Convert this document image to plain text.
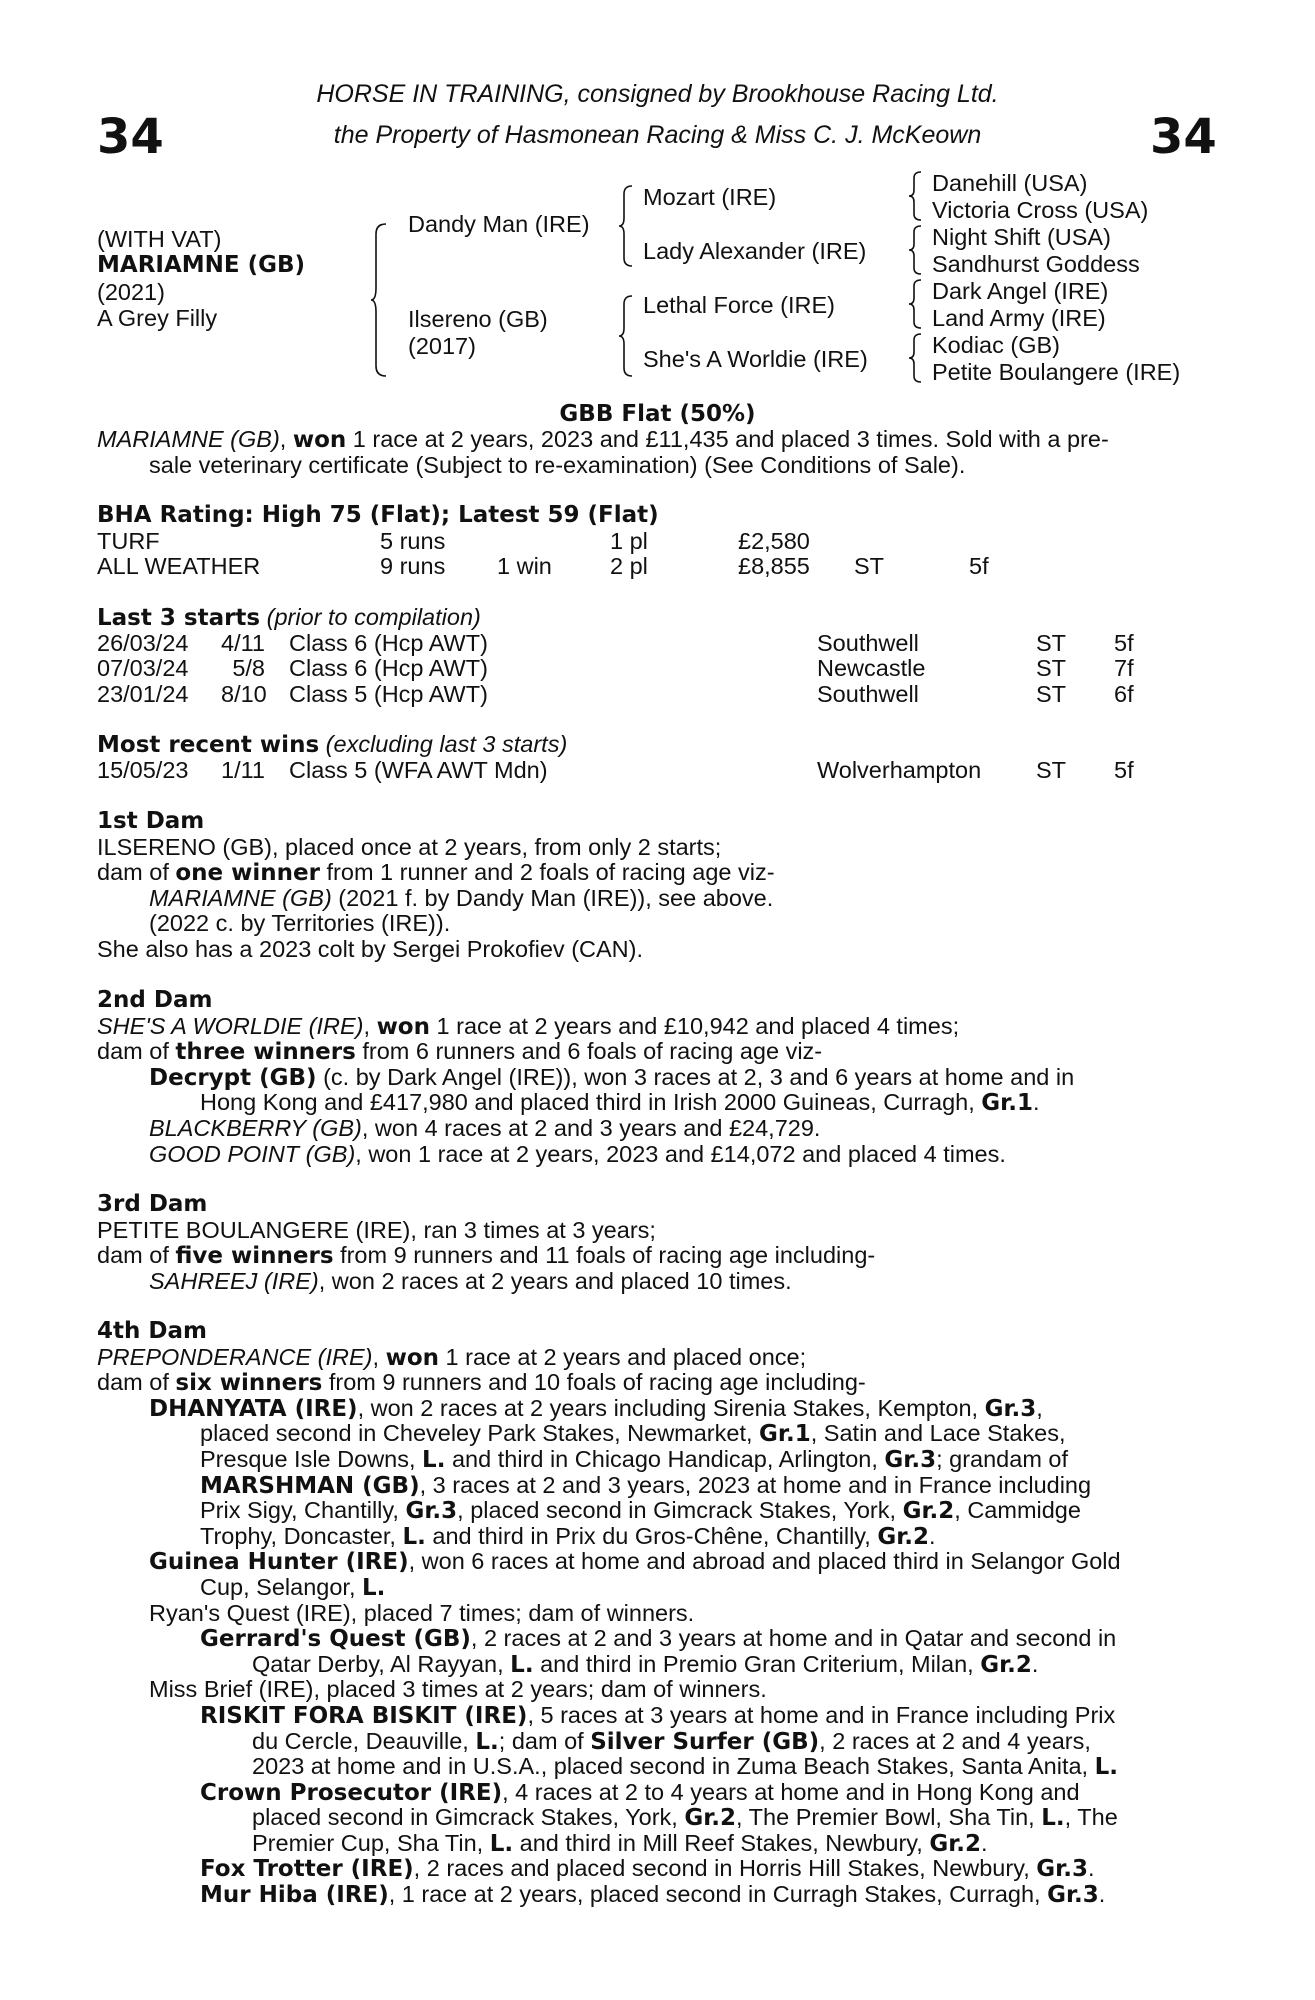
34	34
HORSE IN TRAINING, consigned by Brookhouse Racing Ltd.
the Property of Hasmonean Racing & Miss C. J. McKeown
(WITH VAT)
MARIAMNE (GB)
(2021)
A Grey Filly
Dandy Man (IRE)
Ilsereno (GB)
(2017)
Mozart (IRE)
Lady Alexander (IRE)
Lethal Force (IRE)
She's A Worldie (IRE)
Danehill (USA)
Victoria Cross (USA)
Night Shift (USA)
Sandhurst Goddess
Dark Angel (IRE)
Land Army (IRE)
Kodiac (GB)
Petite Boulangere (IRE)
GBB Flat (50%)
MARIAMNE (GB), won 1 race at 2 years, 2023 and £11,435 and placed 3 times. Sold with a pre-
sale veterinary certificate (Subject to re-examination) (See Conditions of Sale).
BHA Rating: High 75 (Flat); Latest 59 (Flat)
TURF	5 runs	1 pl	£2,580
ALL WEATHER	9 runs 1 win 2 pl	£8,855 ST	5f
Last 3 starts (prior to compilation)
26/03/24 4/11 Class 6 (Hcp AWT)	Southwell	ST 5f
07/03/24	5/8 Class 6 (Hcp AWT)	Newcastle	ST 7f
23/01/24 8/10 Class 5 (Hcp AWT)	Southwell	ST 6f
Most recent wins (excluding last 3 starts)
15/05/23 1/11 Class 5 (WFA AWT Mdn)	Wolverhampton ST 5f
1st Dam
ILSERENO (GB), placed once at 2 years, from only 2 starts;
dam of one winner from 1 runner and 2 foals of racing age viz-
MARIAMNE (GB) (2021 f. by Dandy Man (IRE)), see above.
(2022 c. by Territories (IRE)).
She also has a 2023 colt by Sergei Prokofiev (CAN).
2nd Dam
SHE'S A WORLDIE (IRE), won 1 race at 2 years and £10,942 and placed 4 times;
dam of three winners from 6 runners and 6 foals of racing age viz-
Decrypt (GB) (c. by Dark Angel (IRE)), won 3 races at 2, 3 and 6 years at home and in
Hong Kong and £417,980 and placed third in Irish 2000 Guineas, Curragh, Gr.1.
BLACKBERRY (GB), won 4 races at 2 and 3 years and £24,729.
GOOD POINT (GB), won 1 race at 2 years, 2023 and £14,072 and placed 4 times.
3rd Dam
PETITE BOULANGERE (IRE), ran 3 times at 3 years;
dam of five winners from 9 runners and 11 foals of racing age including-
SAHREEJ (IRE), won 2 races at 2 years and placed 10 times.
4th Dam
PREPONDERANCE (IRE), won 1 race at 2 years and placed once;
dam of six winners from 9 runners and 10 foals of racing age including-
DHANYATA (IRE), won 2 races at 2 years including Sirenia Stakes, Kempton, Gr.3,
placed second in Cheveley Park Stakes, Newmarket, Gr.1, Satin and Lace Stakes,
Presque Isle Downs, L. and third in Chicago Handicap, Arlington, Gr.3; grandam of
MARSHMAN (GB), 3 races at 2 and 3 years, 2023 at home and in France including
Prix Sigy, Chantilly, Gr.3, placed second in Gimcrack Stakes, York, Gr.2, Cammidge
Trophy, Doncaster, L. and third in Prix du Gros-Chêne, Chantilly, Gr.2.
Guinea Hunter (IRE), won 6 races at home and abroad and placed third in Selangor Gold
Cup, Selangor, L.
Ryan's Quest (IRE), placed 7 times; dam of winners.
Gerrard's Quest (GB), 2 races at 2 and 3 years at home and in Qatar and second in
Qatar Derby, Al Rayyan, L. and third in Premio Gran Criterium, Milan, Gr.2.
Miss Brief (IRE), placed 3 times at 2 years; dam of winners.
RISKIT FORA BISKIT (IRE), 5 races at 3 years at home and in France including Prix
du Cercle, Deauville, L.; dam of Silver Surfer (GB), 2 races at 2 and 4 years,
2023 at home and in U.S.A., placed second in Zuma Beach Stakes, Santa Anita, L.
Crown Prosecutor (IRE), 4 races at 2 to 4 years at home and in Hong Kong and
placed second in Gimcrack Stakes, York, Gr.2, The Premier Bowl, Sha Tin, L., The
Premier Cup, Sha Tin, L. and third in Mill Reef Stakes, Newbury, Gr.2.
Fox Trotter (IRE), 2 races and placed second in Horris Hill Stakes, Newbury, Gr.3.
Mur Hiba (IRE), 1 race at 2 years, placed second in Curragh Stakes, Curragh, Gr.3.
